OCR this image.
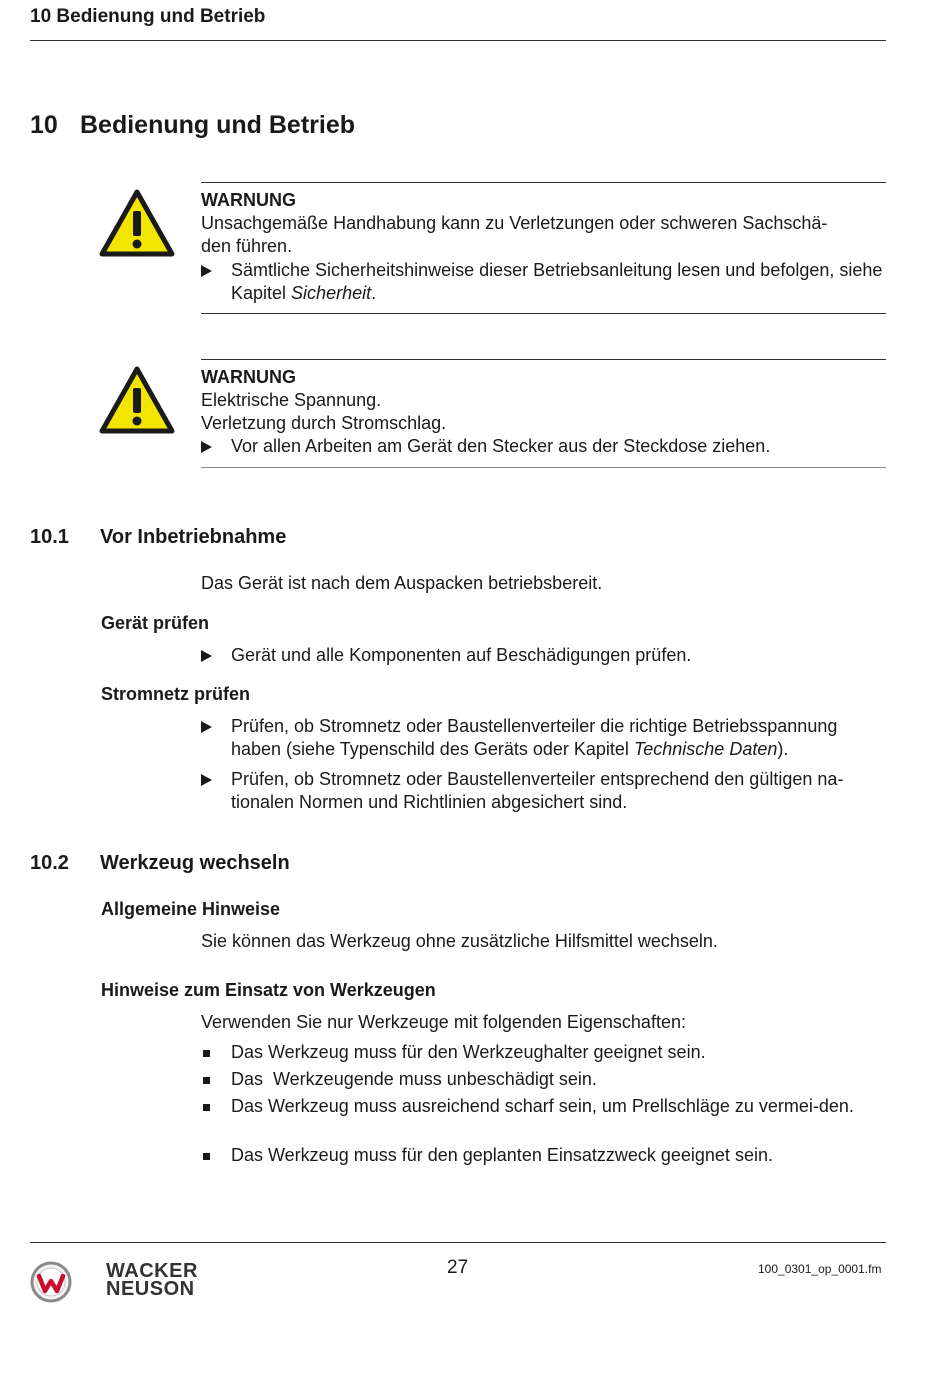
10 Bedienung und Betrieb
10 Bedienung und Betrieb
WARNUNG
Unsachgemäße Handhabung kann zu Verletzungen oder schweren Sachschä-
den führen.
Sämtliche Sicherheitshinweise dieser Betriebsanleitung lesen und befolgen, siehe Kapitel Sicherheit.
WARNUNG
Elektrische Spannung.
Verletzung durch Stromschlag.
Vor allen Arbeiten am Gerät den Stecker aus der Steckdose ziehen.
10.1 Vor Inbetriebnahme
Das Gerät ist nach dem Auspacken betriebsbereit.
Gerät prüfen
Gerät und alle Komponenten auf Beschädigungen prüfen.
Stromnetz prüfen
Prüfen, ob Stromnetz oder Baustellenverteiler die richtige Betriebsspannung haben (siehe Typenschild des Geräts oder Kapitel Technische Daten).
Prüfen, ob Stromnetz oder Baustellenverteiler entsprechend den gültigen na-tionalen Normen und Richtlinien abgesichert sind.
10.2 Werkzeug wechseln
Allgemeine Hinweise
Sie können das Werkzeug ohne zusätzliche Hilfsmittel wechseln.
Hinweise zum Einsatz von Werkzeugen
Verwenden Sie nur Werkzeuge mit folgenden Eigenschaften:
Das Werkzeug muss für den Werkzeughalter geeignet sein.
Das  Werkzeugende muss unbeschädigt sein.
Das Werkzeug muss ausreichend scharf sein, um Prellschläge zu vermei-den.
Das Werkzeug muss für den geplanten Einsatzzweck geeignet sein.
WACKER
NEUSON
27	100_0301_op_0001.fm
